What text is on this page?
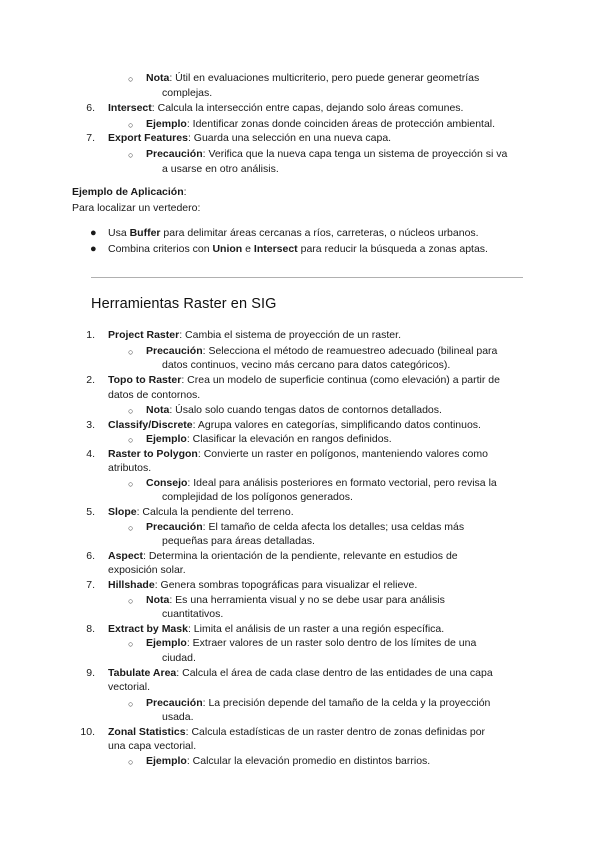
○ Nota: Útil en evaluaciones multicriterio, pero puede generar geometrías
complejas.
6. Intersect: Calcula la intersección entre capas, dejando solo áreas comunes.
○ Ejemplo: Identificar zonas donde coinciden áreas de protección ambiental.
7. Export Features: Guarda una selección en una nueva capa.
○ Precaución: Verifica que la nueva capa tenga un sistema de proyección si va
a usarse en otro análisis.
Ejemplo de Aplicación:
Para localizar un vertedero:
● Usa Buffer para delimitar áreas cercanas a ríos, carreteras, o núcleos urbanos.
● Combina criterios con Union e Intersect para reducir la búsqueda a zonas aptas.
Herramientas Raster en SIG
1. Project Raster: Cambia el sistema de proyección de un raster.
○ Precaución: Selecciona el método de reamuestreo adecuado (bilineal para
datos continuos, vecino más cercano para datos categóricos).
2. Topo to Raster: Crea un modelo de superficie continua (como elevación) a partir de
datos de contornos.
○ Nota: Úsalo solo cuando tengas datos de contornos detallados.
3. Classify/Discrete: Agrupa valores en categorías, simplificando datos continuos.
○ Ejemplo: Clasificar la elevación en rangos definidos.
4. Raster to Polygon: Convierte un raster en polígonos, manteniendo valores como
atributos.
○ Consejo: Ideal para análisis posteriores en formato vectorial, pero revisa la
complejidad de los polígonos generados.
5. Slope: Calcula la pendiente del terreno.
○ Precaución: El tamaño de celda afecta los detalles; usa celdas más
pequeñas para áreas detalladas.
6. Aspect: Determina la orientación de la pendiente, relevante en estudios de
exposición solar.
7. Hillshade: Genera sombras topográficas para visualizar el relieve.
○ Nota: Es una herramienta visual y no se debe usar para análisis
cuantitativos.
8. Extract by Mask: Limita el análisis de un raster a una región específica.
○ Ejemplo: Extraer valores de un raster solo dentro de los límites de una
ciudad.
9. Tabulate Area: Calcula el área de cada clase dentro de las entidades de una capa
vectorial.
○ Precaución: La precisión depende del tamaño de la celda y la proyección
usada.
10. Zonal Statistics: Calcula estadísticas de un raster dentro de zonas definidas por
una capa vectorial.
○ Ejemplo: Calcular la elevación promedio en distintos barrios.
